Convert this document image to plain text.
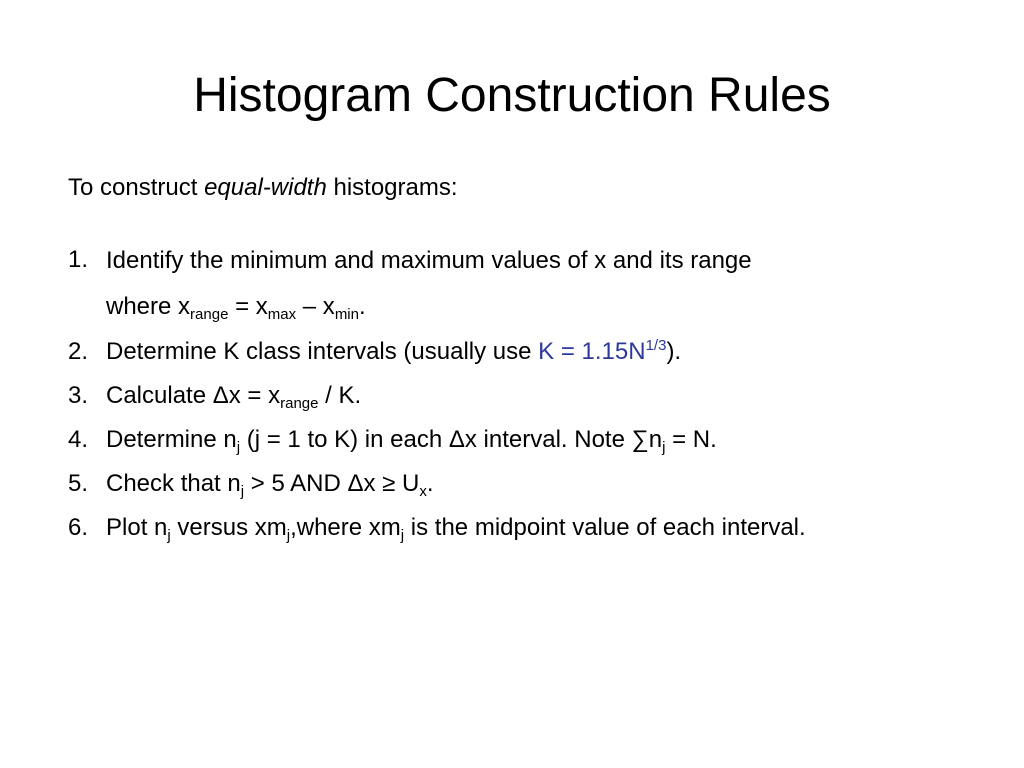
Histogram Construction Rules

To construct equal-width histograms:

1. Identify the minimum and maximum values of x and its range
where $x_{range} = x_{max} - x_{min}$.
2. Determine K class intervals (usually use $K = 1.15N^{1/3}$).
3. Calculate $\Delta x = x_{range} / K$.
4. Determine $n_j$ (j = 1 to K) in each Δx interval. Note $\sum n_j = N$.
5. Check that $n_j > 5$ AND $\Delta x \ge U_x$.
6. Plot $n_j$ versus $xm_j,where$ $xm_j$ is the midpoint value of each interval.
